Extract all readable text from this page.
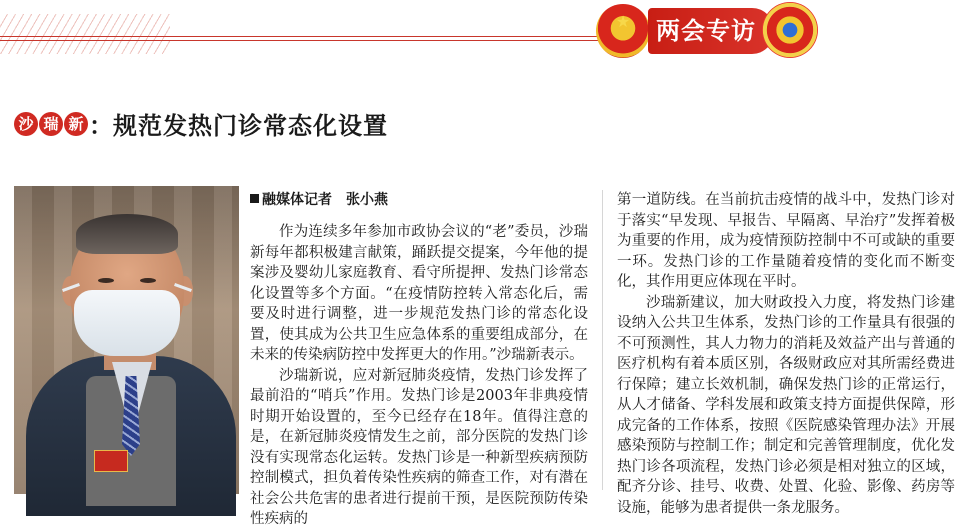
★	两会专访
沙 瑞 新 ：规范发热门诊常态化设置
融媒体记者　张小燕

作为连续多年参加市政协会议的“老”委员，沙瑞新每年都积极建言献策，踊跃提交提案，今年他的提案涉及婴幼儿家庭教育、看守所提押、发热门诊常态化设置等多个方面。“在疫情防控转入常态化后，需要及时进行调整，进一步规范发热门诊的常态化设置，使其成为公共卫生应急体系的重要组成部分，在未来的传染病防控中发挥更大的作用。”沙瑞新表示。

沙瑞新说，应对新冠肺炎疫情，发热门诊发挥了最前沿的“哨兵”作用。发热门诊是2003年非典疫情时期开始设置的，至今已经存在18年。值得注意的是，在新冠肺炎疫情发生之前，部分医院的发热门诊没有实现常态化运转。发热门诊是一种新型疾病预防控制模式，担负着传染性疾病的筛查工作，对有潜在社会公共危害的患者进行提前干预，是医院预防传染性疾病的

第一道防线。在当前抗击疫情的战斗中，发热门诊对于落实“早发现、早报告、早隔离、早治疗”发挥着极为重要的作用，成为疫情预防控制中不可或缺的重要一环。发热门诊的工作量随着疫情的变化而不断变化，其作用更应体现在平时。

沙瑞新建议，加大财政投入力度，将发热门诊建设纳入公共卫生体系，发热门诊的工作量具有很强的不可预测性，其人力物力的消耗及效益产出与普通的医疗机构有着本质区别，各级财政应对其所需经费进行保障；建立长效机制，确保发热门诊的正常运行，从人才储备、学科发展和政策支持方面提供保障，形成完备的工作体系，按照《医院感染管理办法》开展感染预防与控制工作；制定和完善管理制度，优化发热门诊各项流程，发热门诊必须是相对独立的区域，配齐分诊、挂号、收费、处置、化验、影像、药房等设施，能够为患者提供一条龙服务。
